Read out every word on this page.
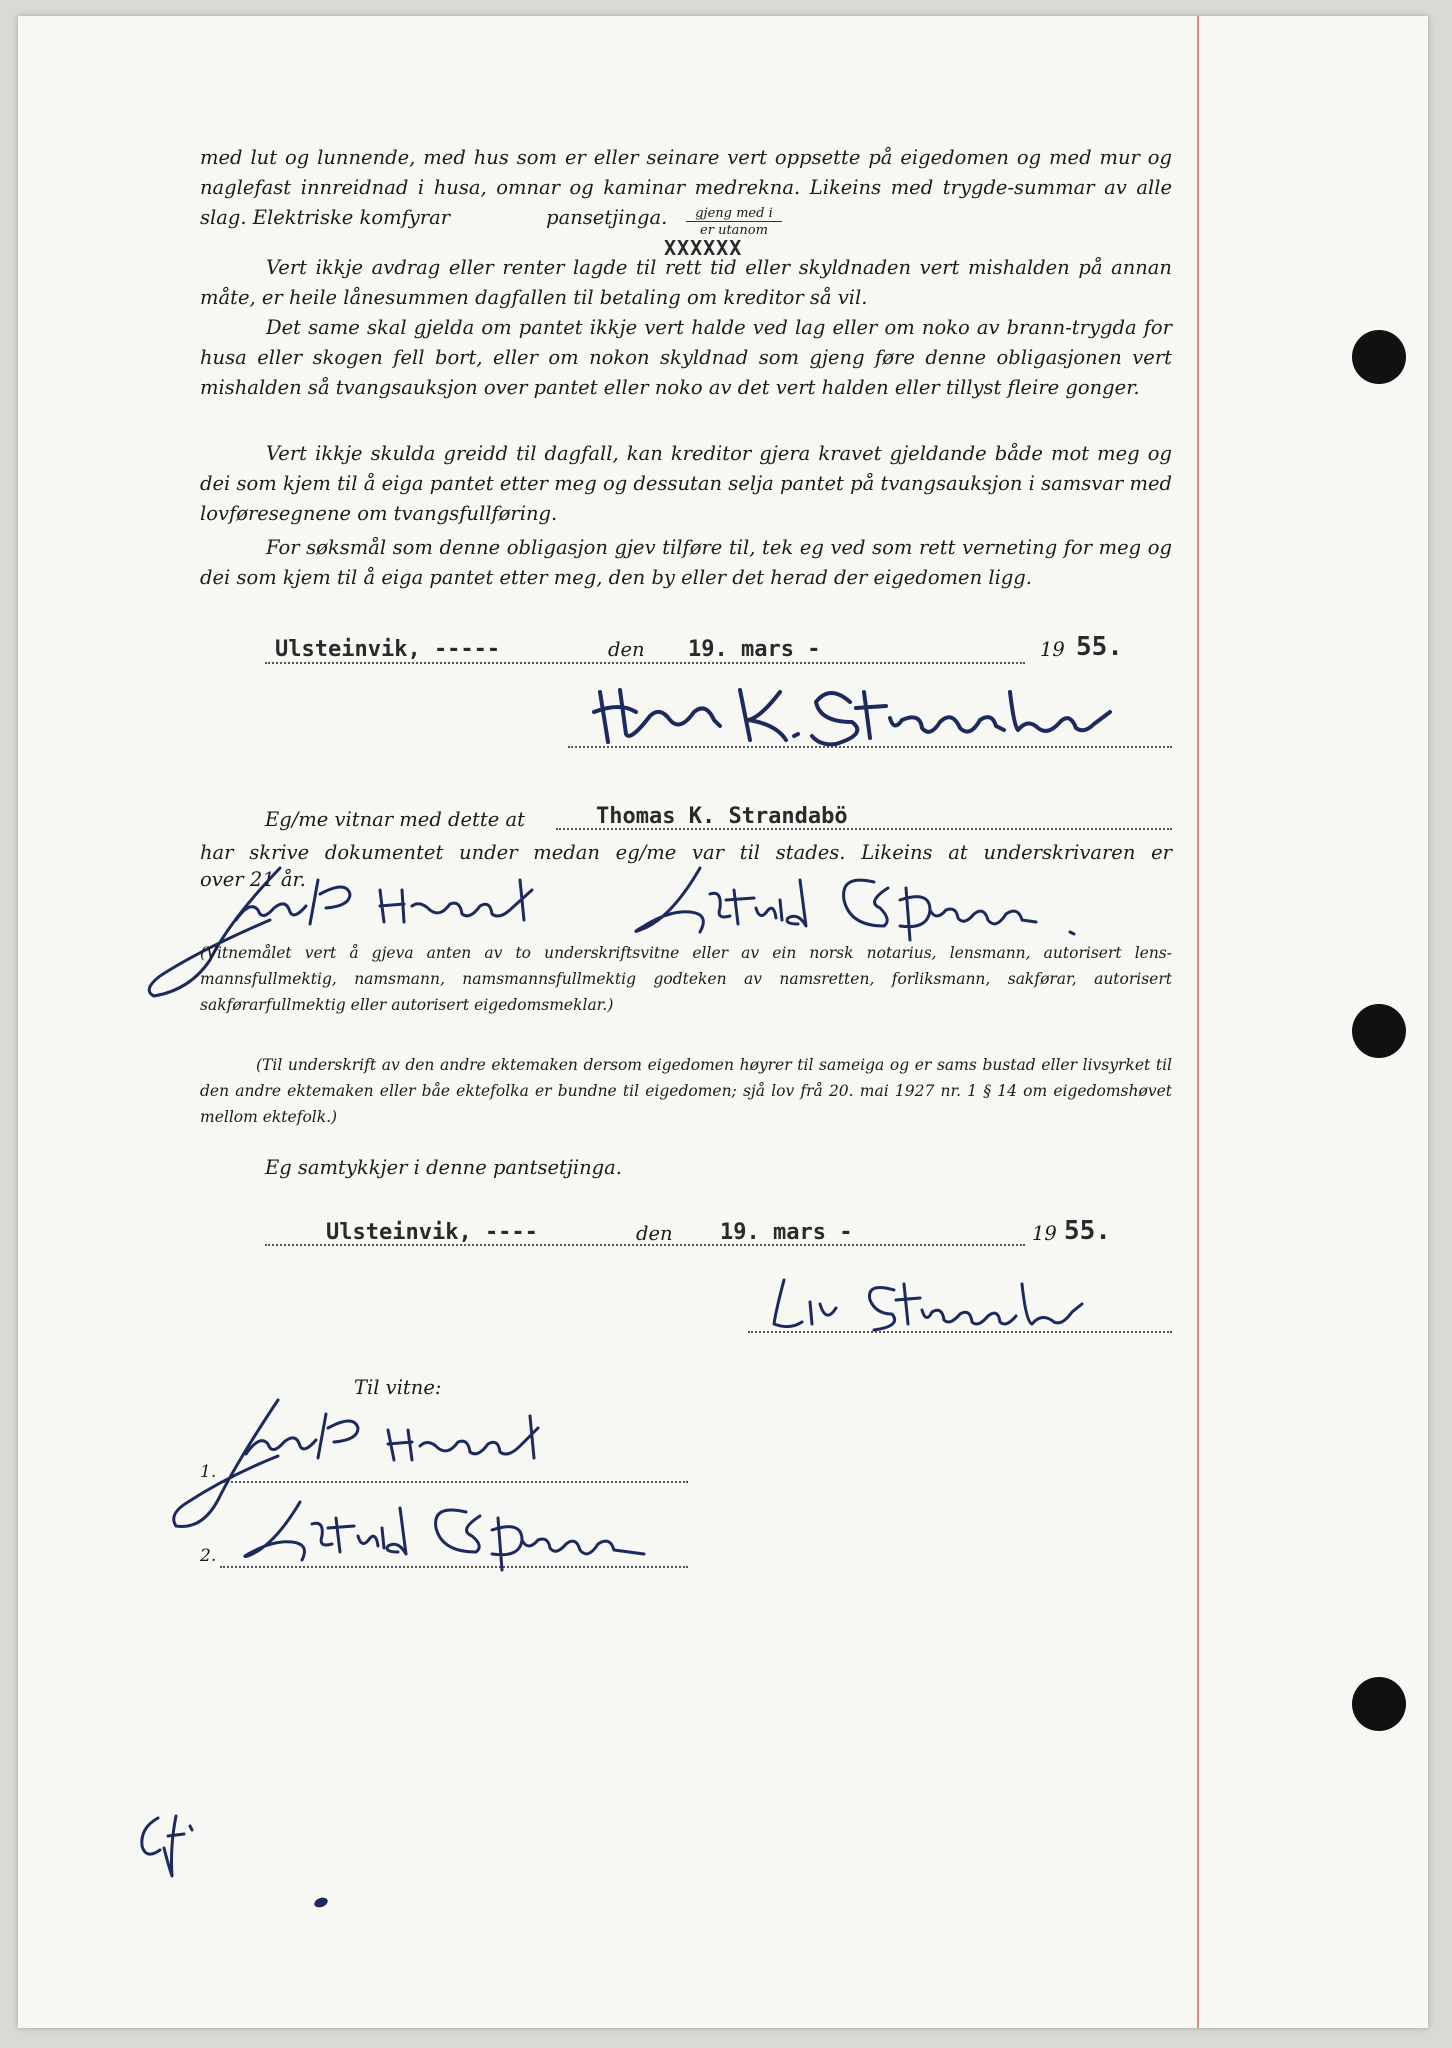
med lut og lunnende, med hus som er eller seinare vert oppsette på eigedomen og med mur og naglefast innreidnad i husa, omnar og kaminar medrekna. Likeins med trygde-summar av alle slag. Elektriske komfyrar	pansetjinga.	gjeng med i
er utanom
XXXXXX
Vert ikkje avdrag eller renter lagde til rett tid eller skyldnaden vert mishalden på annan måte, er heile lånesummen dagfallen til betaling om kreditor så vil.
Det same skal gjelda om pantet ikkje vert halde ved lag eller om noko av brann-trygda for husa eller skogen fell bort, eller om nokon skyldnad som gjeng føre denne obligasjonen vert mishalden så tvangsauksjon over pantet eller noko av det vert halden eller tillyst fleire gonger.
Vert ikkje skulda greidd til dagfall, kan kreditor gjera kravet gjeldande både mot meg og dei som kjem til å eiga pantet etter meg og dessutan selja pantet på tvangsauksjon i samsvar med lovføresegnene om tvangsfullføring.
For søksmål som denne obligasjon gjev tilføre til, tek eg ved som rett verneting for meg og dei som kjem til å eiga pantet etter meg, den by eller det herad der eigedomen ligg.
Ulsteinvik, -----	den 19. mars -	19 55.
Eg/me vitnar med dette at	Thomas K. Strandabö
har skrive dokumentet under medan eg/me var til stades. Likeins at underskrivaren er
over 21 år.
(Vitnemålet vert å gjeva anten av to underskriftsvitne eller av ein norsk notarius, lensmann, autorisert lens-mannsfullmektig, namsmann, namsmannsfullmektig godteken av namsretten, forliksmann, sakførar, autorisert sakførarfullmektig eller autorisert eigedomsmeklar.)
(Til underskrift av den andre ektemaken dersom eigedomen høyrer til sameiga og er sams bustad eller livsyrket til den andre ektemaken eller båe ektefolka er bundne til eigedomen; sjå lov frå 20. mai 1927 nr. 1 § 14 om eigedomshøvet mellom ektefolk.)
Eg samtykkjer i denne pantsetjinga.
Ulsteinvik, ----	den 19. mars -	19 55.
Til vitne:
1.
2.
